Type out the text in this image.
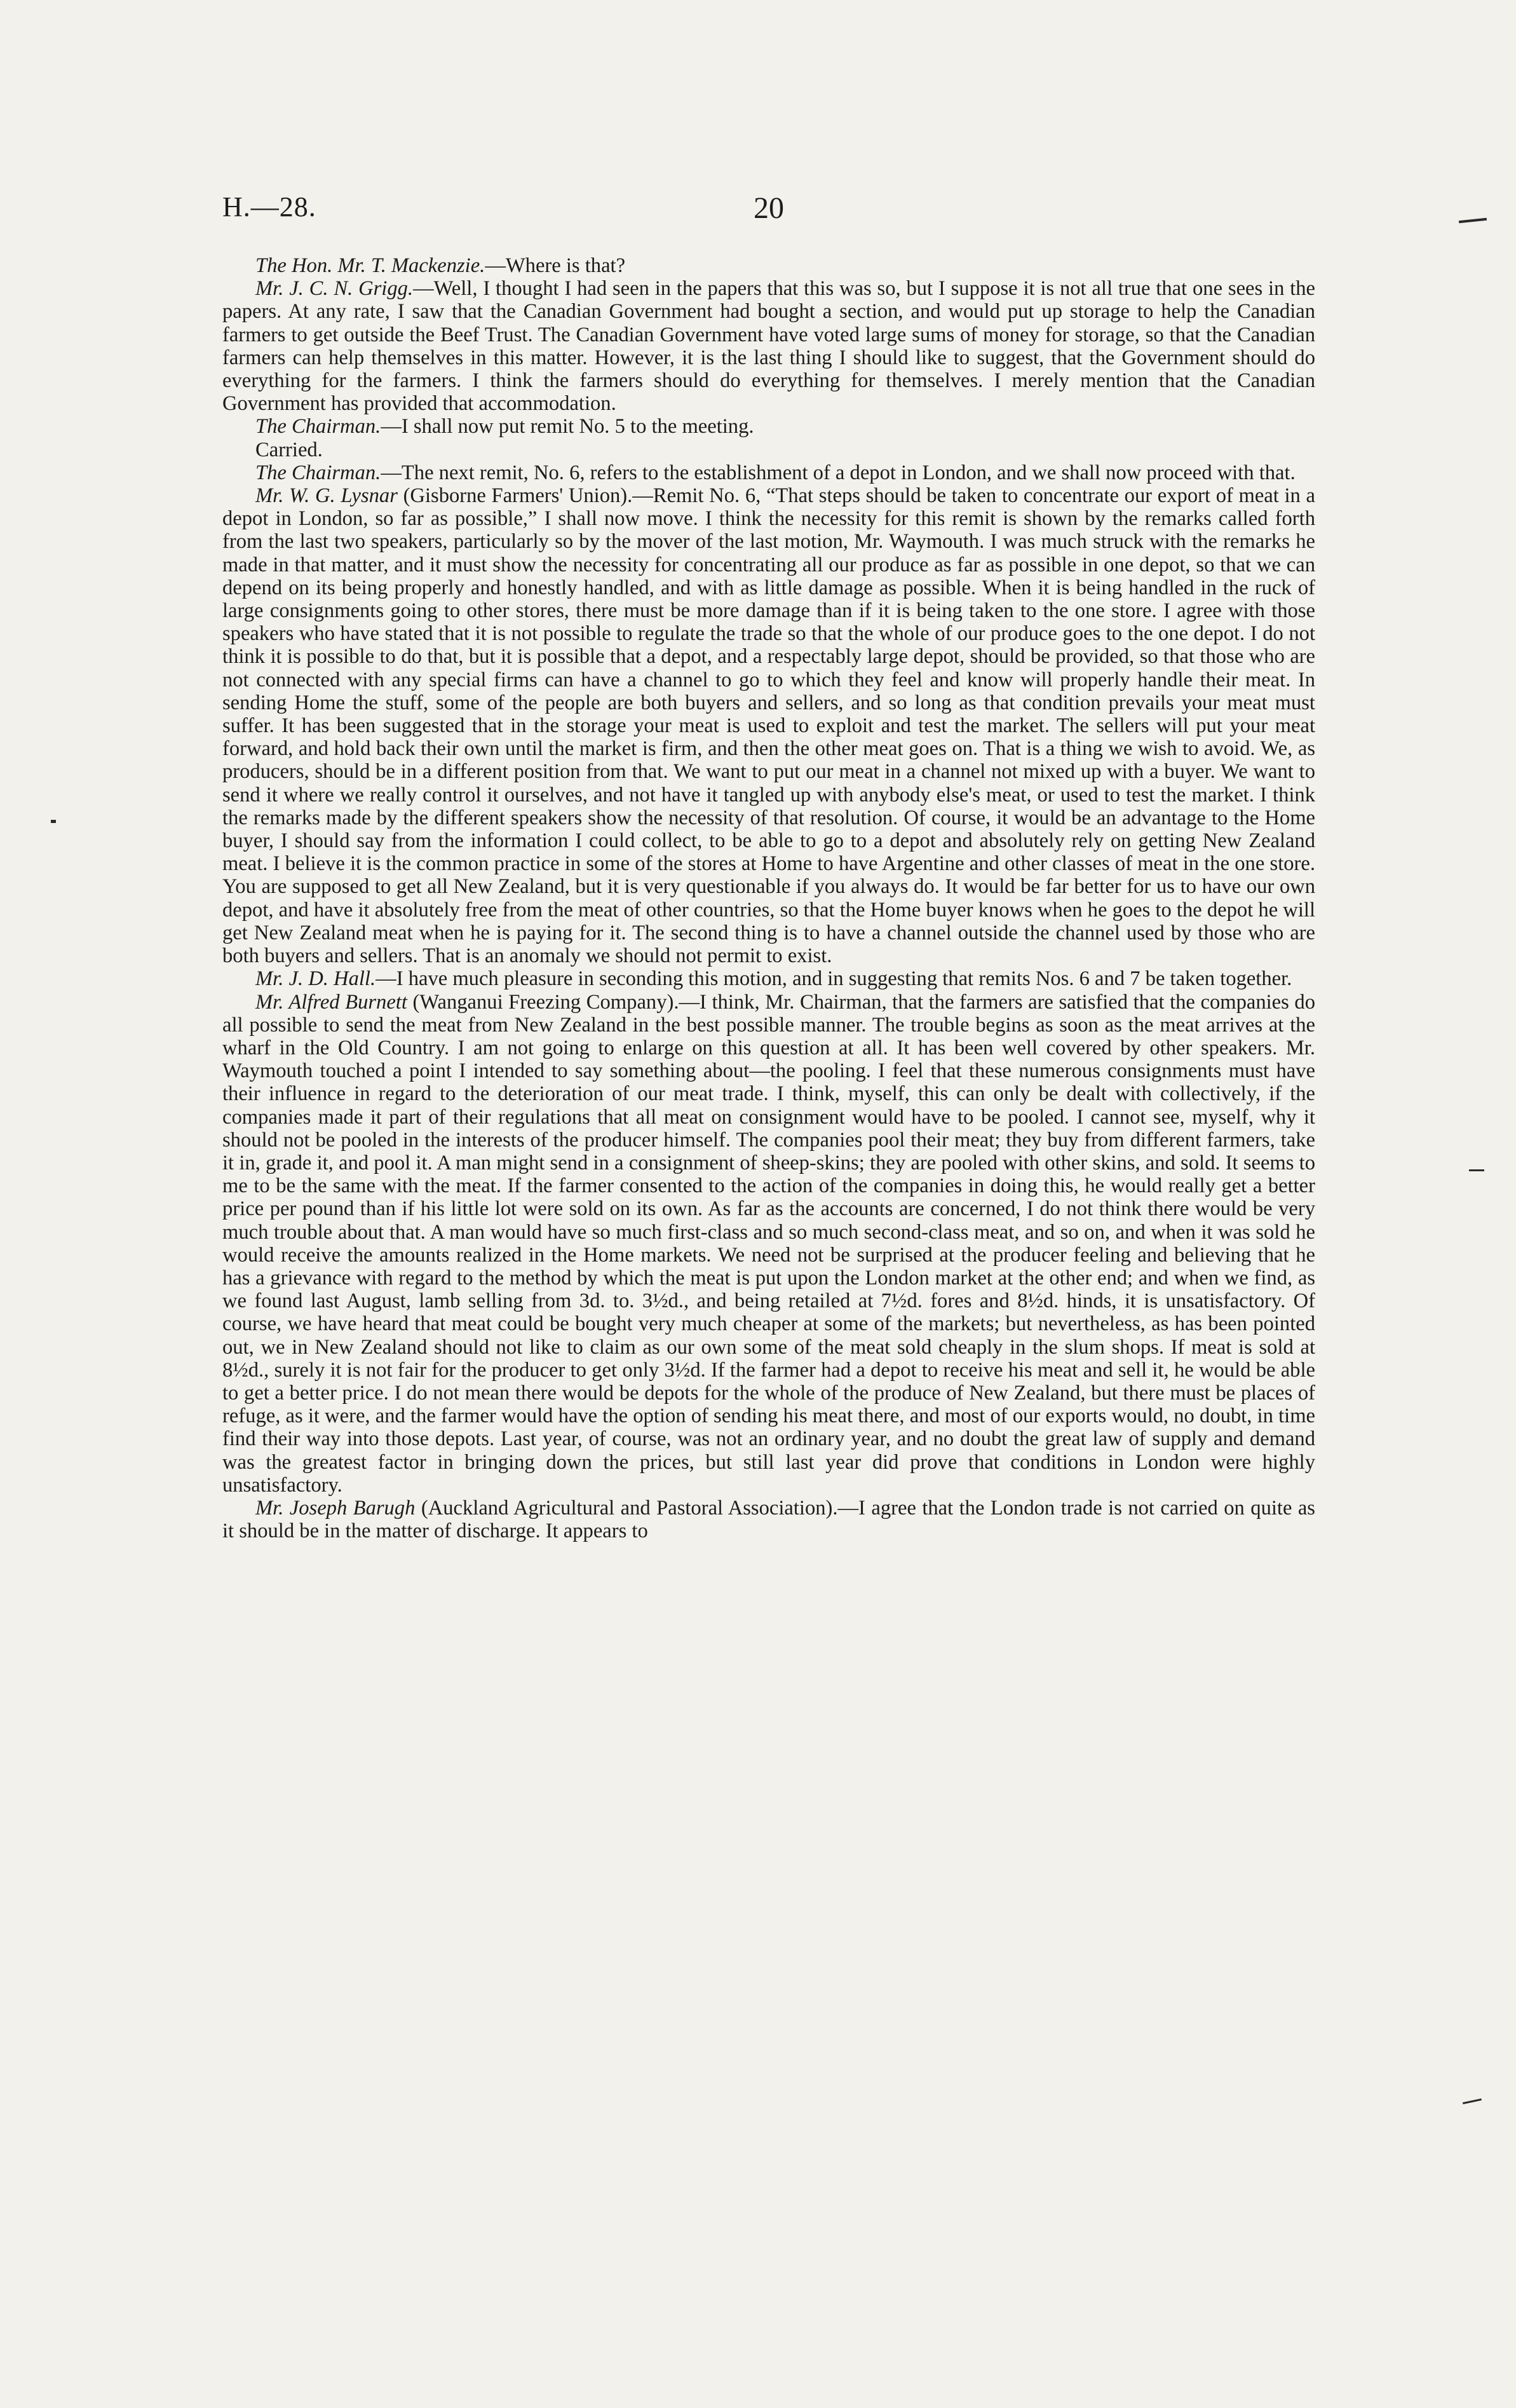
H.—28.	20

The Hon. Mr. T. Mackenzie.—Where is that?

Mr. J. C. N. Grigg.—Well, I thought I had seen in the papers that this was so, but I suppose it is not all true that one sees in the papers. At any rate, I saw that the Canadian Government had bought a section, and would put up storage to help the Canadian farmers to get outside the Beef Trust. The Canadian Government have voted large sums of money for storage, so that the Canadian farmers can help themselves in this matter. However, it is the last thing I should like to suggest, that the Government should do everything for the farmers. I think the farmers should do everything for themselves. I merely mention that the Canadian Government has provided that accommodation.

The Chairman.—I shall now put remit No. 5 to the meeting.

Carried.

The Chairman.—The next remit, No. 6, refers to the establishment of a depot in London, and we shall now proceed with that.

Mr. W. G. Lysnar (Gisborne Farmers' Union).—Remit No. 6, “That steps should be taken to concentrate our export of meat in a depot in London, so far as possible,” I shall now move. I think the necessity for this remit is shown by the remarks called forth from the last two speakers, particularly so by the mover of the last motion, Mr. Waymouth. I was much struck with the remarks he made in that matter, and it must show the necessity for concentrating all our produce as far as possible in one depot, so that we can depend on its being properly and honestly handled, and with as little damage as possible. When it is being handled in the ruck of large consignments going to other stores, there must be more damage than if it is being taken to the one store. I agree with those speakers who have stated that it is not possible to regulate the trade so that the whole of our produce goes to the one depot. I do not think it is possible to do that, but it is possible that a depot, and a respectably large depot, should be provided, so that those who are not connected with any special firms can have a channel to go to which they feel and know will properly handle their meat. In sending Home the stuff, some of the people are both buyers and sellers, and so long as that condition prevails your meat must suffer. It has been suggested that in the storage your meat is used to exploit and test the market. The sellers will put your meat forward, and hold back their own until the market is firm, and then the other meat goes on. That is a thing we wish to avoid. We, as producers, should be in a different position from that. We want to put our meat in a channel not mixed up with a buyer. We want to send it where we really control it ourselves, and not have it tangled up with anybody else's meat, or used to test the market. I think the remarks made by the different speakers show the necessity of that resolution. Of course, it would be an advantage to the Home buyer, I should say from the information I could collect, to be able to go to a depot and absolutely rely on getting New Zealand meat. I believe it is the common practice in some of the stores at Home to have Argentine and other classes of meat in the one store. You are supposed to get all New Zealand, but it is very questionable if you always do. It would be far better for us to have our own depot, and have it absolutely free from the meat of other countries, so that the Home buyer knows when he goes to the depot he will get New Zealand meat when he is paying for it. The second thing is to have a channel outside the channel used by those who are both buyers and sellers. That is an anomaly we should not permit to exist.

Mr. J. D. Hall.—I have much pleasure in seconding this motion, and in suggesting that remits Nos. 6 and 7 be taken together.

Mr. Alfred Burnett (Wanganui Freezing Company).—I think, Mr. Chairman, that the farmers are satisfied that the companies do all possible to send the meat from New Zealand in the best possible manner. The trouble begins as soon as the meat arrives at the wharf in the Old Country. I am not going to enlarge on this question at all. It has been well covered by other speakers. Mr. Waymouth touched a point I intended to say something about—the pooling. I feel that these numerous consignments must have their influence in regard to the deterioration of our meat trade. I think, myself, this can only be dealt with collectively, if the companies made it part of their regulations that all meat on consignment would have to be pooled. I cannot see, myself, why it should not be pooled in the interests of the producer himself. The companies pool their meat; they buy from different farmers, take it in, grade it, and pool it. A man might send in a consignment of sheep-skins; they are pooled with other skins, and sold. It seems to me to be the same with the meat. If the farmer consented to the action of the companies in doing this, he would really get a better price per pound than if his little lot were sold on its own. As far as the accounts are concerned, I do not think there would be very much trouble about that. A man would have so much first-class and so much second-class meat, and so on, and when it was sold he would receive the amounts realized in the Home markets. We need not be surprised at the producer feeling and believing that he has a grievance with regard to the method by which the meat is put upon the London market at the other end; and when we find, as we found last August, lamb selling from 3d. to. 3½d., and being retailed at 7½d. fores and 8½d. hinds, it is unsatisfactory. Of course, we have heard that meat could be bought very much cheaper at some of the markets; but nevertheless, as has been pointed out, we in New Zealand should not like to claim as our own some of the meat sold cheaply in the slum shops. If meat is sold at 8½d., surely it is not fair for the producer to get only 3½d. If the farmer had a depot to receive his meat and sell it, he would be able to get a better price. I do not mean there would be depots for the whole of the produce of New Zealand, but there must be places of refuge, as it were, and the farmer would have the option of sending his meat there, and most of our exports would, no doubt, in time find their way into those depots. Last year, of course, was not an ordinary year, and no doubt the great law of supply and demand was the greatest factor in bringing down the prices, but still last year did prove that conditions in London were highly unsatisfactory.

Mr. Joseph Barugh (Auckland Agricultural and Pastoral Association).—I agree that the London trade is not carried on quite as it should be in the matter of discharge. It appears to
